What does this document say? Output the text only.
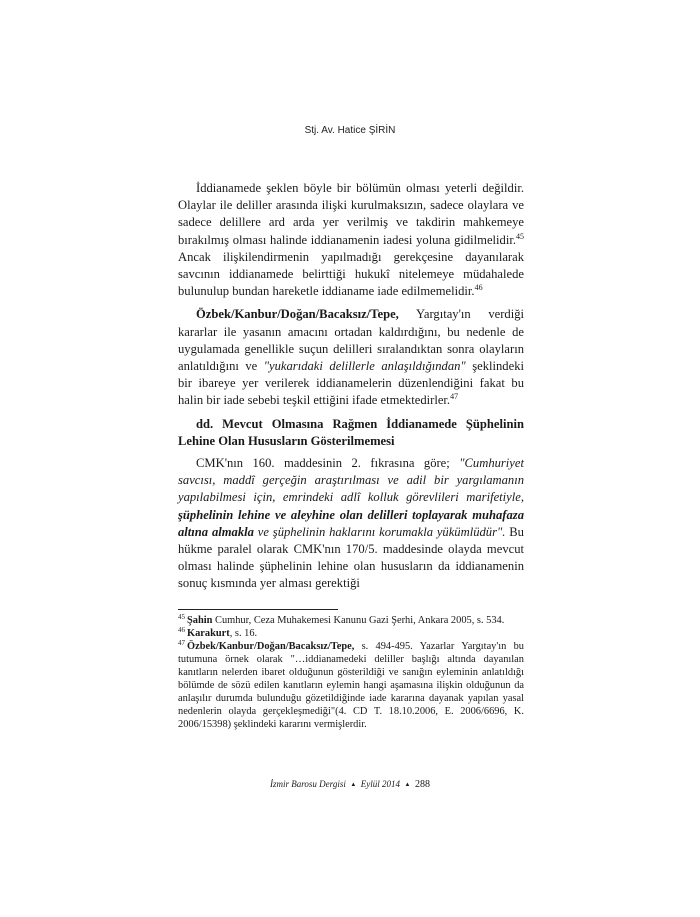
Stj. Av. Hatice ŞİRİN

İddianamede şeklen böyle bir bölümün olması yeterli değildir. Olaylar ile deliller arasında ilişki kurulmaksızın, sadece olaylara ve sadece delillere ard arda yer verilmiş ve takdirin mahkemeye bırakılmış olması halinde iddianamenin iadesi yoluna gidilmelidir.$^{45}$ Ancak ilişkilendirmenin yapılmadığı gerekçesine dayanılarak savcının iddianamede belirttiği hukukî nitelemeye müdahalede bulunulup bundan hareketle iddianame iade edilmemelidir.$^{46}$

Özbek/Kanbur/Doğan/Bacaksız/Tepe, Yargıtay'ın verdiği kararlar ile yasanın amacını ortadan kaldırdığını, bu nedenle de uygulamada genellikle suçun delilleri sıralandıktan sonra olayların anlatıldığını ve "yukarıdaki delillerle anlaşıldığından" şeklindeki bir ibareye yer verilerek iddianamelerin düzenlendiğini fakat bu halin bir iade sebebi teşkil ettiğini ifade etmektedirler.$^{47}$

dd. Mevcut Olmasına Rağmen İddianamede Şüphelinin Lehine Olan Hususların Gösterilmemesi

CMK'nın 160. maddesinin 2. fıkrasına göre; "Cumhuriyet savcısı, maddî gerçeğin araştırılması ve adil bir yargılamanın yapılabilmesi için, emrindeki adlî kolluk görevlileri marifetiyle, şüphelinin lehine ve aleyhine olan delilleri toplayarak muhafaza altına almakla ve şüphelinin haklarını korumakla yükümlüdür". Bu hükme paralel olarak CMK'nın 170/5. maddesinde olayda mevcut olması halinde şüphelinin lehine olan hususların da iddianamenin sonuç kısmında yer alması gerektiği

$^{45}$ Şahin Cumhur, Ceza Muhakemesi Kanunu Gazi Şerhi, Ankara 2005, s. 534.

$^{46}$ Karakurt, s. 16.

$^{47}$ Özbek/Kanbur/Doğan/Bacaksız/Tepe, s. 494-495. Yazarlar Yargıtay'ın bu tutumuna örnek olarak "…iddianamedeki deliller başlığı altında dayanılan kanıtların nelerden ibaret olduğunun gösterildiği ve sanığın eyleminin anlatıldığı bölümde de sözü edilen kanıtların eylemin hangi aşamasına ilişkin olduğunun da anlaşılır durumda bulunduğu gözetildiğinde iade kararına dayanak yapılan yasal nedenlerin olayda gerçekleşmediği"(4. CD T. 18.10.2006, E. 2006/6696, K. 2006/15398) şeklindeki kararını vermişlerdir.

İzmir Barosu Dergisi ▲ Eylül 2014 ▲ 288
